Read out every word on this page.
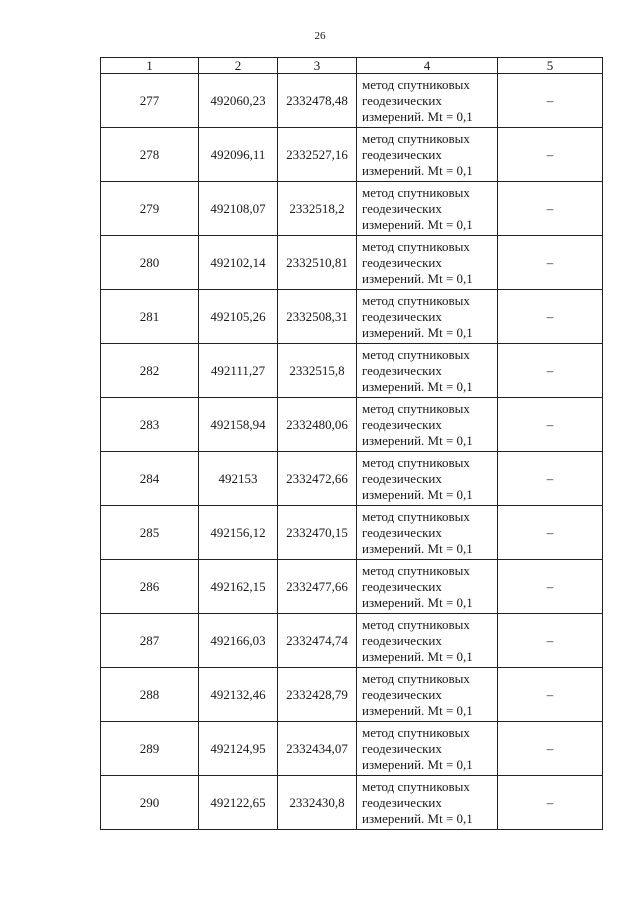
26
1	2	3	4	5
277	492060,23	2332478,48	метод спутниковых
геодезических
измерений. Mt = 0,1	–
278	492096,11	2332527,16	метод спутниковых
геодезических
измерений. Mt = 0,1	–
279	492108,07	2332518,2	метод спутниковых
геодезических
измерений. Mt = 0,1	–
280	492102,14	2332510,81	метод спутниковых
геодезических
измерений. Mt = 0,1	–
281	492105,26	2332508,31	метод спутниковых
геодезических
измерений. Mt = 0,1	–
282	492111,27	2332515,8	метод спутниковых
геодезических
измерений. Mt = 0,1	–
283	492158,94	2332480,06	метод спутниковых
геодезических
измерений. Mt = 0,1	–
284	492153	2332472,66	метод спутниковых
геодезических
измерений. Mt = 0,1	–
285	492156,12	2332470,15	метод спутниковых
геодезических
измерений. Mt = 0,1	–
286	492162,15	2332477,66	метод спутниковых
геодезических
измерений. Mt = 0,1	–
287	492166,03	2332474,74	метод спутниковых
геодезических
измерений. Mt = 0,1	–
288	492132,46	2332428,79	метод спутниковых
геодезических
измерений. Mt = 0,1	–
289	492124,95	2332434,07	метод спутниковых
геодезических
измерений. Mt = 0,1	–
290	492122,65	2332430,8	метод спутниковых
геодезических
измерений. Mt = 0,1	–
